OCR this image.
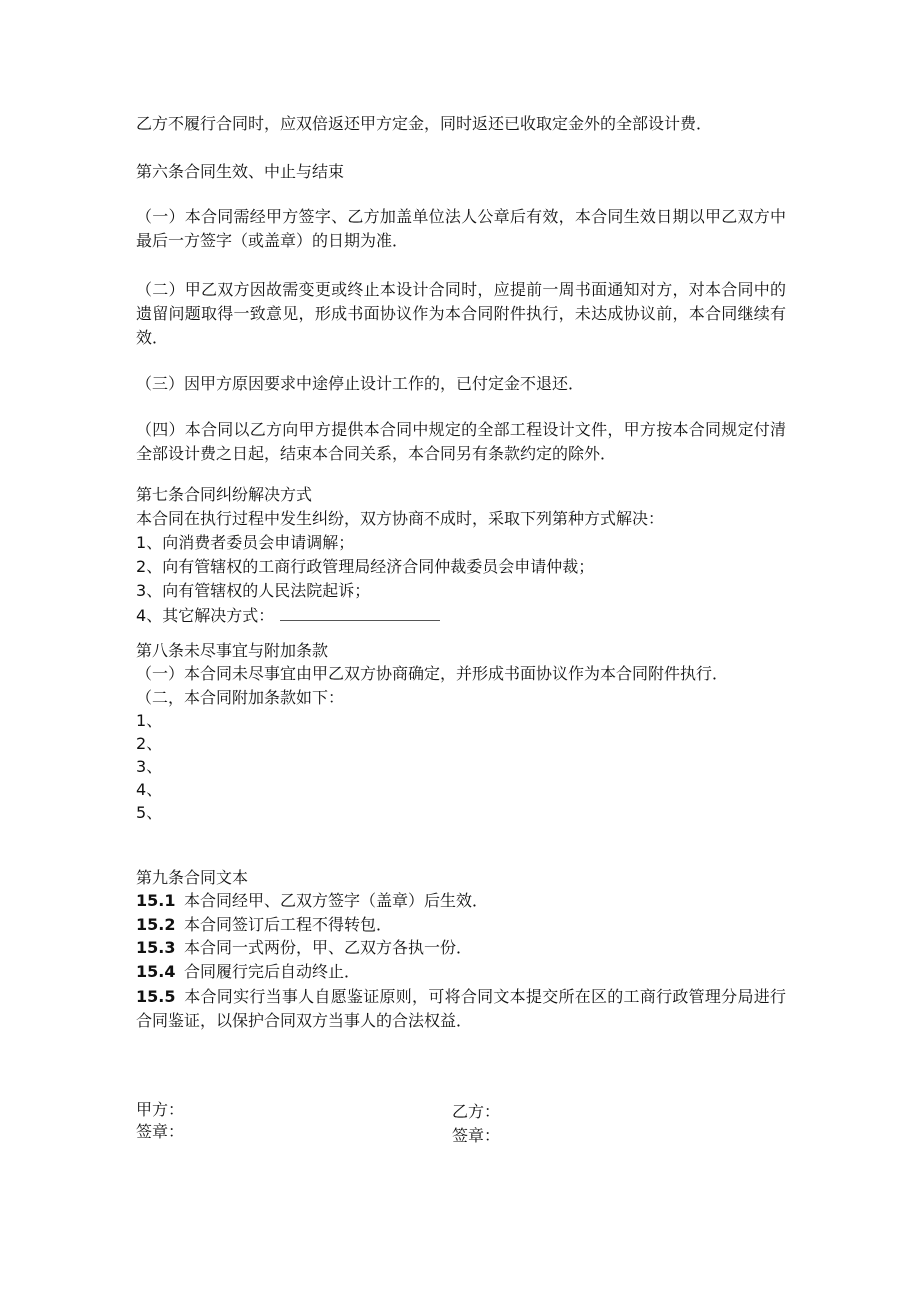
乙方不履行合同时，应双倍返还甲方定金，同时返还已收取定金外的全部设计费．
第六条合同生效、中止与结束
（一）本合同需经甲方签字、乙方加盖单位法人公章后有效，本合同生效日期以甲乙双方中最后一方签字（或盖章）的日期为准．
（二）甲乙双方因故需变更或终止本设计合同时，应提前一周书面通知对方，对本合同中的遗留问题取得一致意见，形成书面协议作为本合同附件执行，未达成协议前，本合同继续有效．
（三）因甲方原因要求中途停止设计工作的，已付定金不退还．
（四）本合同以乙方向甲方提供本合同中规定的全部工程设计文件，甲方按本合同规定付清全部设计费之日起，结束本合同关系，本合同另有条款约定的除外．
第七条合同纠纷解决方式
本合同在执行过程中发生纠纷，双方协商不成时，采取下列第种方式解决：
1、向消费者委员会申请调解；
2、向有管辖权的工商行政管理局经济合同仲裁委员会申请仲裁；
3、向有管辖权的人民法院起诉；
4、其它解决方式：
第八条未尽事宜与附加条款
（一）本合同未尽事宜由甲乙双方协商确定，并形成书面协议作为本合同附件执行．
（二，本合同附加条款如下：
1、
2、
3、
4、
5、
第九条合同文本
15.1 本合同经甲、乙双方签字（盖章）后生效．
15.2 本合同签订后工程不得转包．
15.3 本合同一式两份，甲、乙双方各执一份．
15.4 合同履行完后自动终止．
15.5 本合同实行当事人自愿鉴证原则，可将合同文本提交所在区的工商行政管理分局进行合同鉴证，以保护合同双方当事人的合法权益．
甲方：
签章：
乙方：
签章：
